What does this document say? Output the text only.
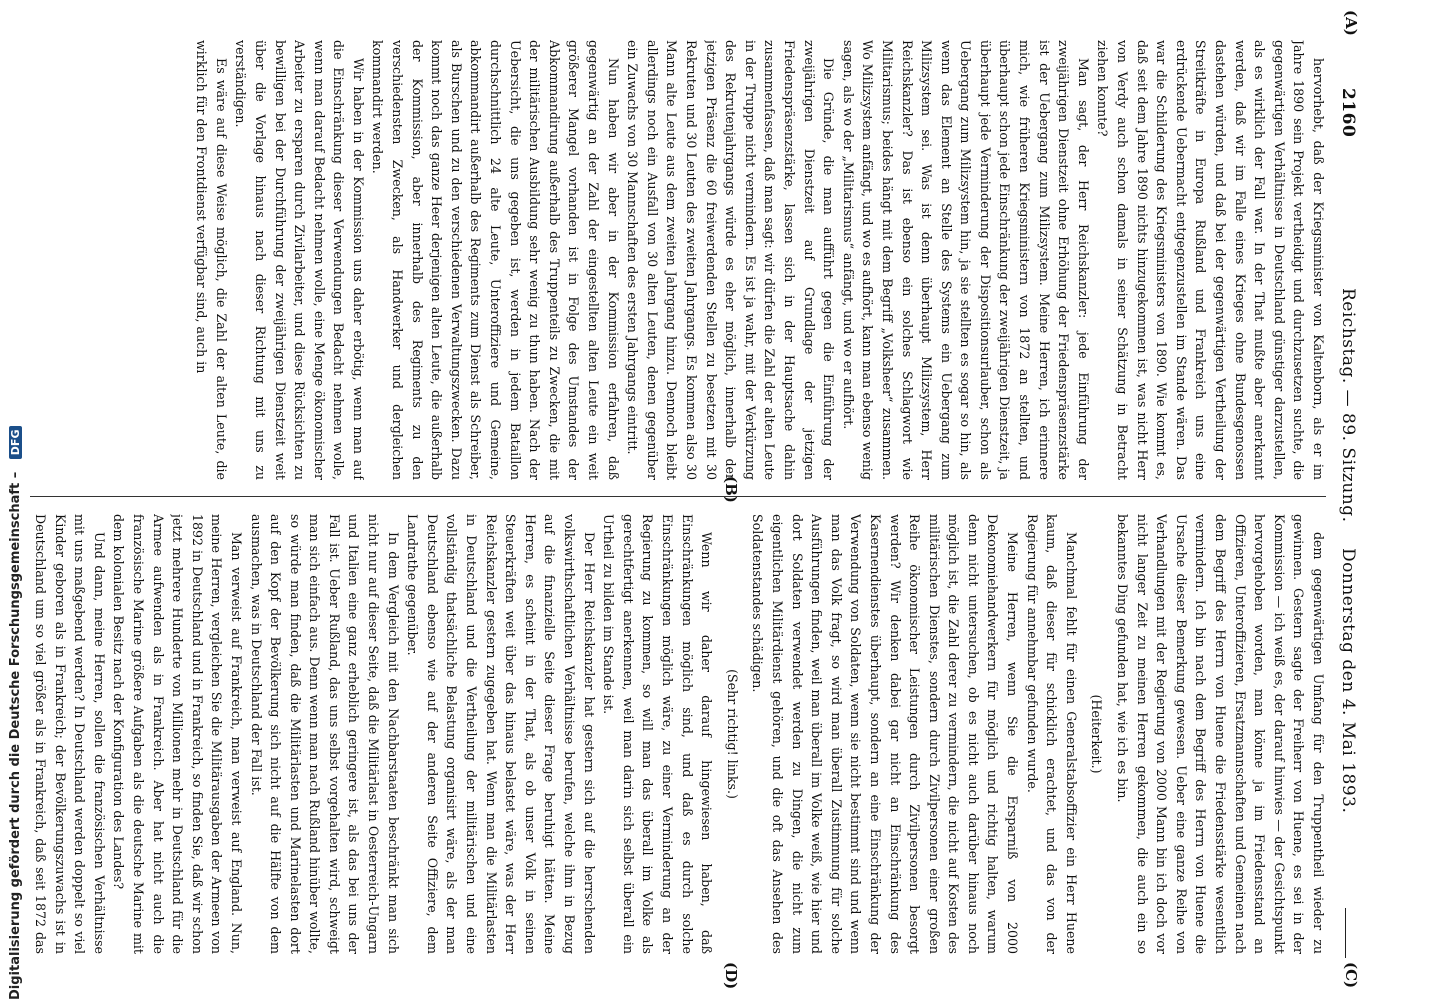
2160
Reichstag. — 89. Sitzung.
Donnerstag den 4. Mai 1893.
(A)
(B)
(C)
(D)

hervorhebt, daß der Kriegsminister von Kaltenborn, als er im Jahre 1890 sein Projekt vertheidigt und durchzusetzen suchte, die gegenwärtigen Verhältnisse in Deutschland günstiger darzustellen, als es wirklich der Fall war. In der That mußte aber anerkannt werden, daß wir im Falle eines Krieges ohne Bundesgenossen dastehen würden, und daß bei der gegenwärtigen Vertheilung der Streitkräfte in Europa Rußland und Frankreich uns eine erdrückende Uebermacht entgegenzustellen im Stande wären. Das war die Schilderung des Kriegsministers von 1890. Wie kommt es, daß seit dem Jahre 1890 nichts hinzugekommen ist, was nicht Herr von Verdy auch schon damals in seiner Schätzung in Betracht ziehen konnte?

Man sagt, der Herr Reichskanzler: jede Einführung der zweijährigen Dienstzeit ohne Erhöhung der Friedenspräsenzstärke ist der Uebergang zum Milizsystem. Meine Herren, ich erinnere mich, wie früheren Kriegsministern von 1872 an stellten, und überhaupt schon jede Einschränkung der zweijährigen Dienstzeit, ja überhaupt jede Verminderung der Dispositionsurlauber, schon als Uebergang zum Milizsystem hin, ja sie stellten es sogar so hin, als wenn das Element an Stelle des Systems ein Uebergang zum Milizsystem sei. Was ist denn überhaupt Milizsystem, Herr Reichskanzler? Das ist ebenso ein solches Schlagwort wie Militarismus; beides hängt mit dem Begriff „Volksheer“ zusammen. Wo Milizsystem anfängt, und wo es aufhört, kann man ebenso wenig sagen, als wo der „Militarismus“ anfängt, und wo er aufhört.

Die Gründe, die man aufführt gegen die Einführung der zweijährigen Dienstzeit auf Grundlage der jetzigen Friedenspräsenzstärke, lassen sich in der Hauptsache dahin zusammenfassen, daß man sagt: wir dürfen die Zahl der alten Leute in der Truppe nicht vermindern. Es ist ja wahr, mit der Verkürzung des Rekrutenjahrgangs würde es eher möglich, innerhalb der jetzigen Präsenz die 60 freiwerdenden Stellen zu besetzen mit 30 Rekruten und 30 Leuten des zweiten Jahrgangs. Es kommen also 30 Mann alte Leute aus dem zweiten Jahrgang hinzu. Dennoch bleibt allerdings noch ein Ausfall von 30 alten Leuten, denen gegenüber ein Zuwachs von 30 Mannschaften des ersten Jahrgangs eintritt.

Nun haben wir aber in der Kommission erfahren, daß gegenwärtig an der Zahl der eingestellten alten Leute ein weit größerer Mangel vorhanden ist in Folge des Umstandes der Abkommandirung außerhalb des Truppenteils zu Zwecken, die mit der militärischen Ausbildung sehr wenig zu thun haben. Nach der Uebersicht, die uns gegeben ist, werden in jedem Bataillon durchschnittlich 24 alte Leute, Unteroffiziere und Gemeine, abkommandirt außerhalb des Regiments zum Dienst als Schreiber, als Burschen und zu den verschiedenen Verwaltungszwecken. Dazu kommt noch das ganze Heer derjenigen alten Leute, die außerhalb der Kommission, aber innerhalb des Regiments zu den verschiedensten Zwecken, als Handwerker und dergleichen kommandirt werden.

Wir haben in der Kommission uns daher erbötig, wenn man auf die Einschränkung dieser Verwendungen Bedacht nehmen wolle, wenn man darauf Bedacht nehmen wolle, eine Menge ökonomischer Arbeiter zu ersparen durch Zivilarbeiter, und diese Rücksichten zu bewilligen bei der Durchführung der zweijährigen Dienstzeit weit über die Vorlage hinaus nach dieser Richtung mit uns zu verständigen.

Es wäre auf diese Weise möglich, die Zahl der alten Leute, die wirklich für den Frontdienst verfügbar sind, auch in

dem gegenwärtigen Umfang für den Truppentheil wieder zu gewinnen. Gestern sagte der Freiherr von Huene, es sei in der Kommission — ich weiß es, der darauf hinwies — der Gesichtspunkt hervorgehoben worden, man könne ja im Friedensstand an Offizieren, Unteroffizieren, Ersatzmannschaften und Gemeinen nach dem Begriff des Herrn von Huene die Friedensstärke wesentlich vermindern. Ich bin nach dem Begriff des Herrn von Huene die Ursache dieser Bemerkung gewesen. Ueber eine ganze Reihe von Verhandlungen mit der Regierung von 2000 Mann bin ich doch vor nicht langer Zeit zu meinen Herren gekommen, die auch ein so bekanntes Ding gefunden hat, wie ich es bin.

(Heiterkeit.)

Manchmal fehlt für einen Generalstabsoffizier ein Herr Huene kaum, daß dieser für schicklich erachtet, und das von der Regierung für annehmbar gefunden wurde.

Meine Herren, wenn Sie die Ersparniß von 2000 Dekonomiehandwerkern für möglich und richtig halten, warum denn nicht untersuchen, ob es nicht auch darüber hinaus noch möglich ist, die Zahl derer zu vermindern, die nicht auf Kosten des militärischen Dienstes, sondern durch Zivilpersonen einer großen Reihe ökonomischer Leistungen durch Zivilpersonen besorgt werden? Wir denken dabei gar nicht an Einschränkung des Kasernendienstes überhaupt, sondern an eine Einschränkung der Verwendung von Soldaten, wenn sie nicht bestimmt sind und wenn man das Volk fragt, so wird man überall Zustimmung für solche Ausführungen finden, weil man überall im Volke weiß, wie hier und dort Soldaten verwendet werden zu Dingen, die nicht zum eigentlichen Militärdienst gehören, und die oft das Ansehen des Soldatenstandes schädigen.

(Sehr richtig! links.)

Wenn wir daher darauf hingewiesen haben, daß Einschränkungen möglich sind, und daß es durch solche Einschränkungen möglich wäre, zu einer Verminderung an der Regierung zu kommen, so will man das überall im Volke als gerechtfertigt anerkennen, weil man darin sich selbst überall ein Urtheil zu bilden im Stande ist.

Der Herr Reichskanzler hat gestern sich auf die herrschenden volkswirthschaftlichen Verhältnisse berufen, welche ihm in Bezug auf die finanzielle Seite dieser Frage beruhigt hätten. Meine Herren, es scheint in der That, als ob unser Volk in seinen Steuerkräften weit über das hinaus belastet wäre, was der Herr Reichskanzler gestern zugegeben hat. Wenn man die Militärlasten in Deutschland und die Vertheilung der militärischen und eine vollständig thatsächliche Belastung organisirt wäre, als der man Deutschland ebenso wie auf der anderen Seite Offiziere, dem Landrathe gegenüber.

In dem Vergleich mit den Nachbarstaaten beschränkt man sich nicht nur auf dieser Seite, daß die Militärlast in Oesterreich-Ungarn und Italien eine ganz erheblich geringere ist, als das bei uns der Fall ist. Ueber Rußland, das uns selbst vorgehalten wird, schweigt man sich einfach aus. Denn wenn man nach Rußland hinüber wollte, so würde man finden, daß die Militärlasten und Marinelasten dort auf den Kopf der Bevölkerung sich nicht auf die Hälfte von dem ausmachen, was in Deutschland der Fall ist.

Man verweist auf Frankreich, man verweist auf England. Nun, meine Herren, vergleichen Sie die Militärausgaben der Armeen von 1892 in Deutschland und in Frankreich, so finden Sie, daß wir schon jetzt mehrere Hunderte von Millionen mehr in Deutschland für die Armee aufwenden als in Frankreich. Aber hat nicht auch die französische Marine größere Aufgaben als die deutsche Marine mit dem kolonialen Besitz nach der Konfiguration des Landes?

Und dann, meine Herren, sollen die französischen Verhältnisse mit uns maßgebend werden? In Deutschland werden doppelt so viel Kinder geboren als in Frankreich; der Bevölkerungszuwachs ist in Deutschland um so viel größer als in Frankreich, daß seit 1872 das

Digitalisierung gefördert durch die Deutsche Forschungsgemeinschaft – DFG
